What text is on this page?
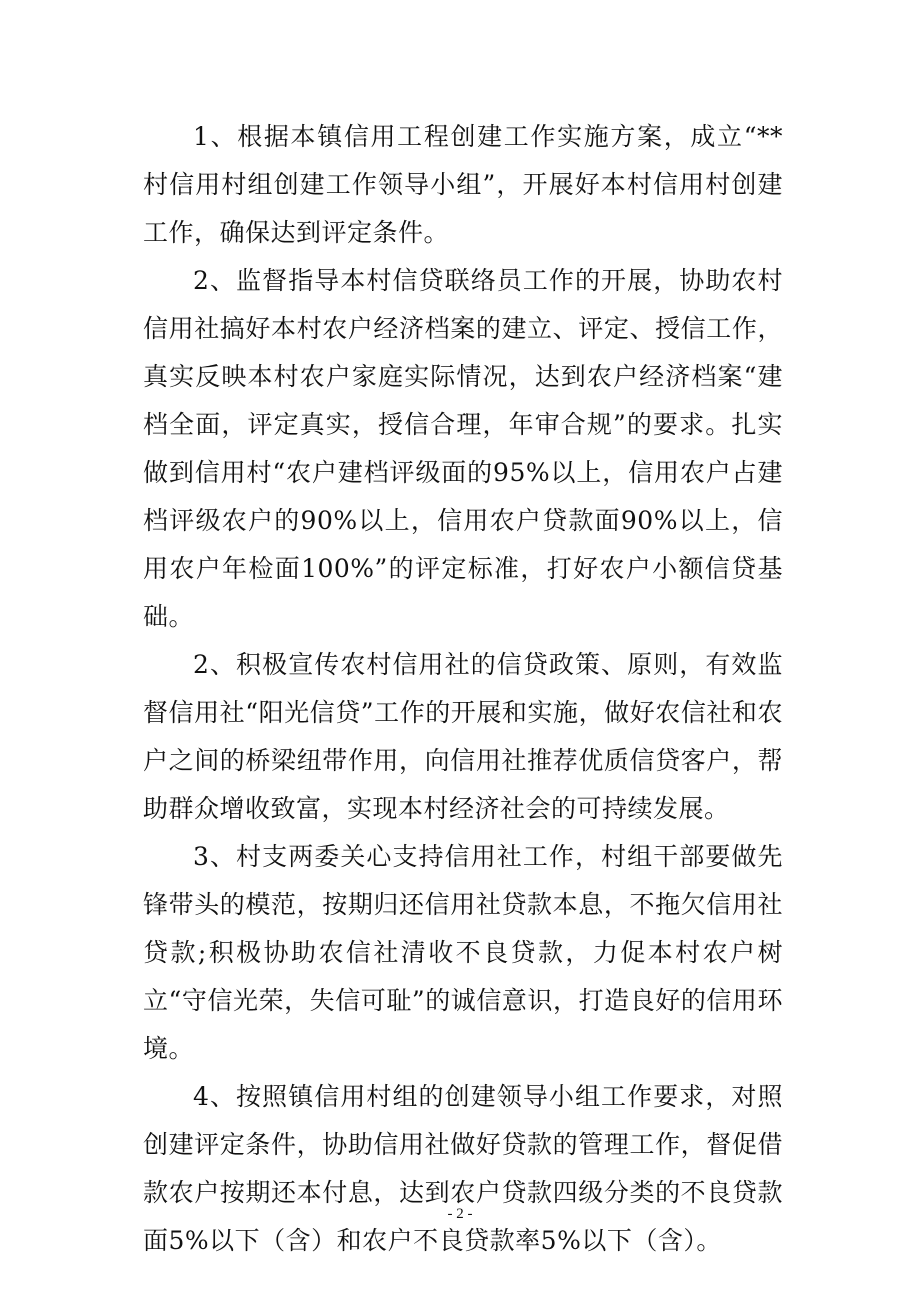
1、根据本镇信用工程创建工作实施方案，成立“**村信用村组创建工作领导小组”，开展好本村信用村创建工作，确保达到评定条件。

2、监督指导本村信贷联络员工作的开展，协助农村信用社搞好本村农户经济档案的建立、评定、授信工作，真实反映本村农户家庭实际情况，达到农户经济档案“建档全面，评定真实，授信合理，年审合规”的要求。扎实做到信用村“农户建档评级面的95%以上，信用农户占建档评级农户的90%以上，信用农户贷款面90%以上，信用农户年检面100%”的评定标准，打好农户小额信贷基础。

2、积极宣传农村信用社的信贷政策、原则，有效监督信用社“阳光信贷”工作的开展和实施，做好农信社和农户之间的桥梁纽带作用，向信用社推荐优质信贷客户，帮助群众增收致富，实现本村经济社会的可持续发展。

3、村支两委关心支持信用社工作，村组干部要做先锋带头的模范，按期归还信用社贷款本息，不拖欠信用社贷款;积极协助农信社清收不良贷款，力促本村农户树立“守信光荣，失信可耻”的诚信意识，打造良好的信用环境。

4、按照镇信用村组的创建领导小组工作要求，对照创建评定条件，协助信用社做好贷款的管理工作，督促借款农户按期还本付息，达到农户贷款四级分类的不良贷款面5%以下（含）和农户不良贷款率5%以下（含）。

- 2 -
